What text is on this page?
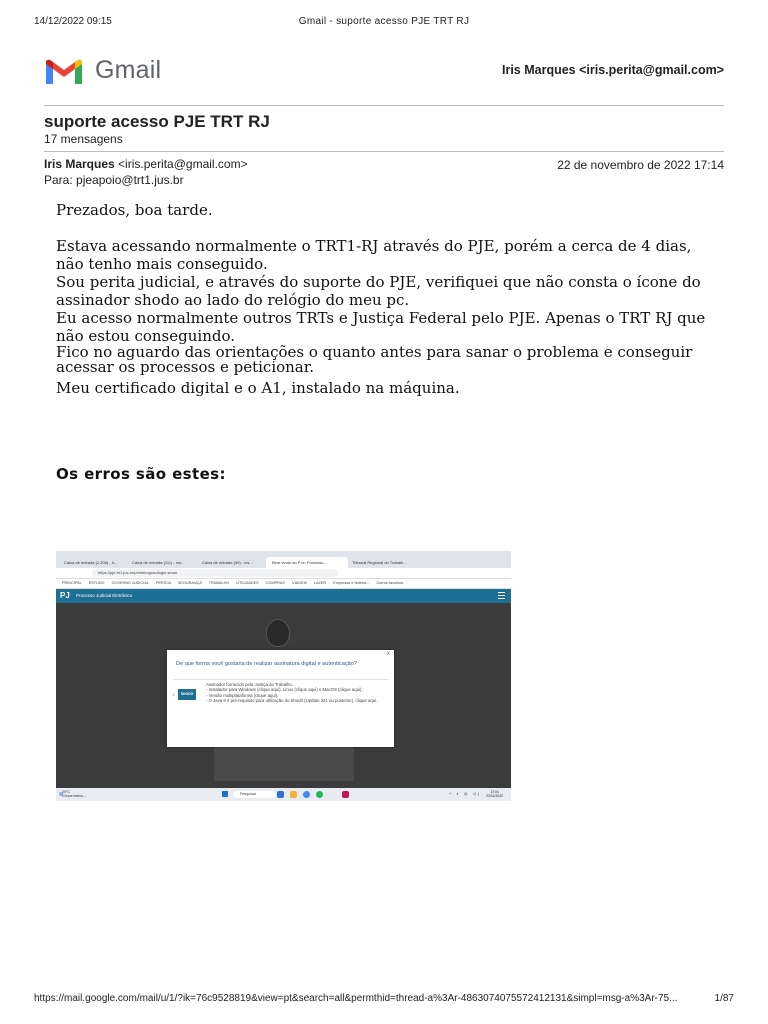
14/12/2022 09:15	Gmail - suporte acesso PJE TRT RJ
Gmail	Iris Marques <iris.perita@gmail.com>
suporte acesso PJE TRT RJ
17 mensagens
Iris Marques <iris.perita@gmail.com>	22 de novembro de 2022 17:14
Para: pjeapoio@trt1.jus.br

Prezados, boa tarde.

Estava acessando normalmente o TRT1-RJ através do PJE, porém a cerca de 4 dias, não tenho mais conseguido.

Sou perita judicial, e através do suporte do PJE, verifiquei que não consta o ícone do assinador shodo ao lado do relógio do meu pc.

Eu acesso normalmente outros TRTs e Justiça Federal pelo PJE. Apenas o TRT RJ que não estou conseguindo.

Fico no aguardo das orientações o quanto antes para sanar o problema e conseguir acessar os processos e peticionar.

Meu certificado digital e o A1, instalado na máquina.

Os erros são estes:
Caixa de entrada (1.206) - ir...	Caixa de entrada (111) - ins...	Caixa de entrada (49) - ins...	Bem-vindo ao PJe: Processo...	Tribunal Regional do Trabalh...
https://pje.trt1.jus.br/primeirograu/login.seam
PRINCIPAL ESTUDO GOVERNO JUDICIAL PERÍCIA SEGURANÇA TRABALHO UTILIDADES COMPRAS VIAGEM LAZER Empresas e Noticia... Outros favoritos
PJ Processo Judicial Eletrônico
x
De que forma você gostaria de realizar assinatura digital e autenticação?
✓	SHODÔ
Assinador fornecido pela Justiça do Trabalho.
- Instalador para Windows (clique aqui), Linux (clique aqui) e MacOS (clique aqui);
- Versão multiplataforma (clique aqui);
- O Java 8 é pré-requisito para utilização do Shodô (Update 321 ou posterior), clique aqui.
29°C
Chuva intens...
Pesquisar	^ ◐ ◎ ◁)	17:04
22/11/2022
https://mail.google.com/mail/u/1/?ik=76c9528819&view=pt&search=all&permthid=thread-a%3Ar-4863074075572412131&simpl=msg-a%3Ar-75...	1/87
